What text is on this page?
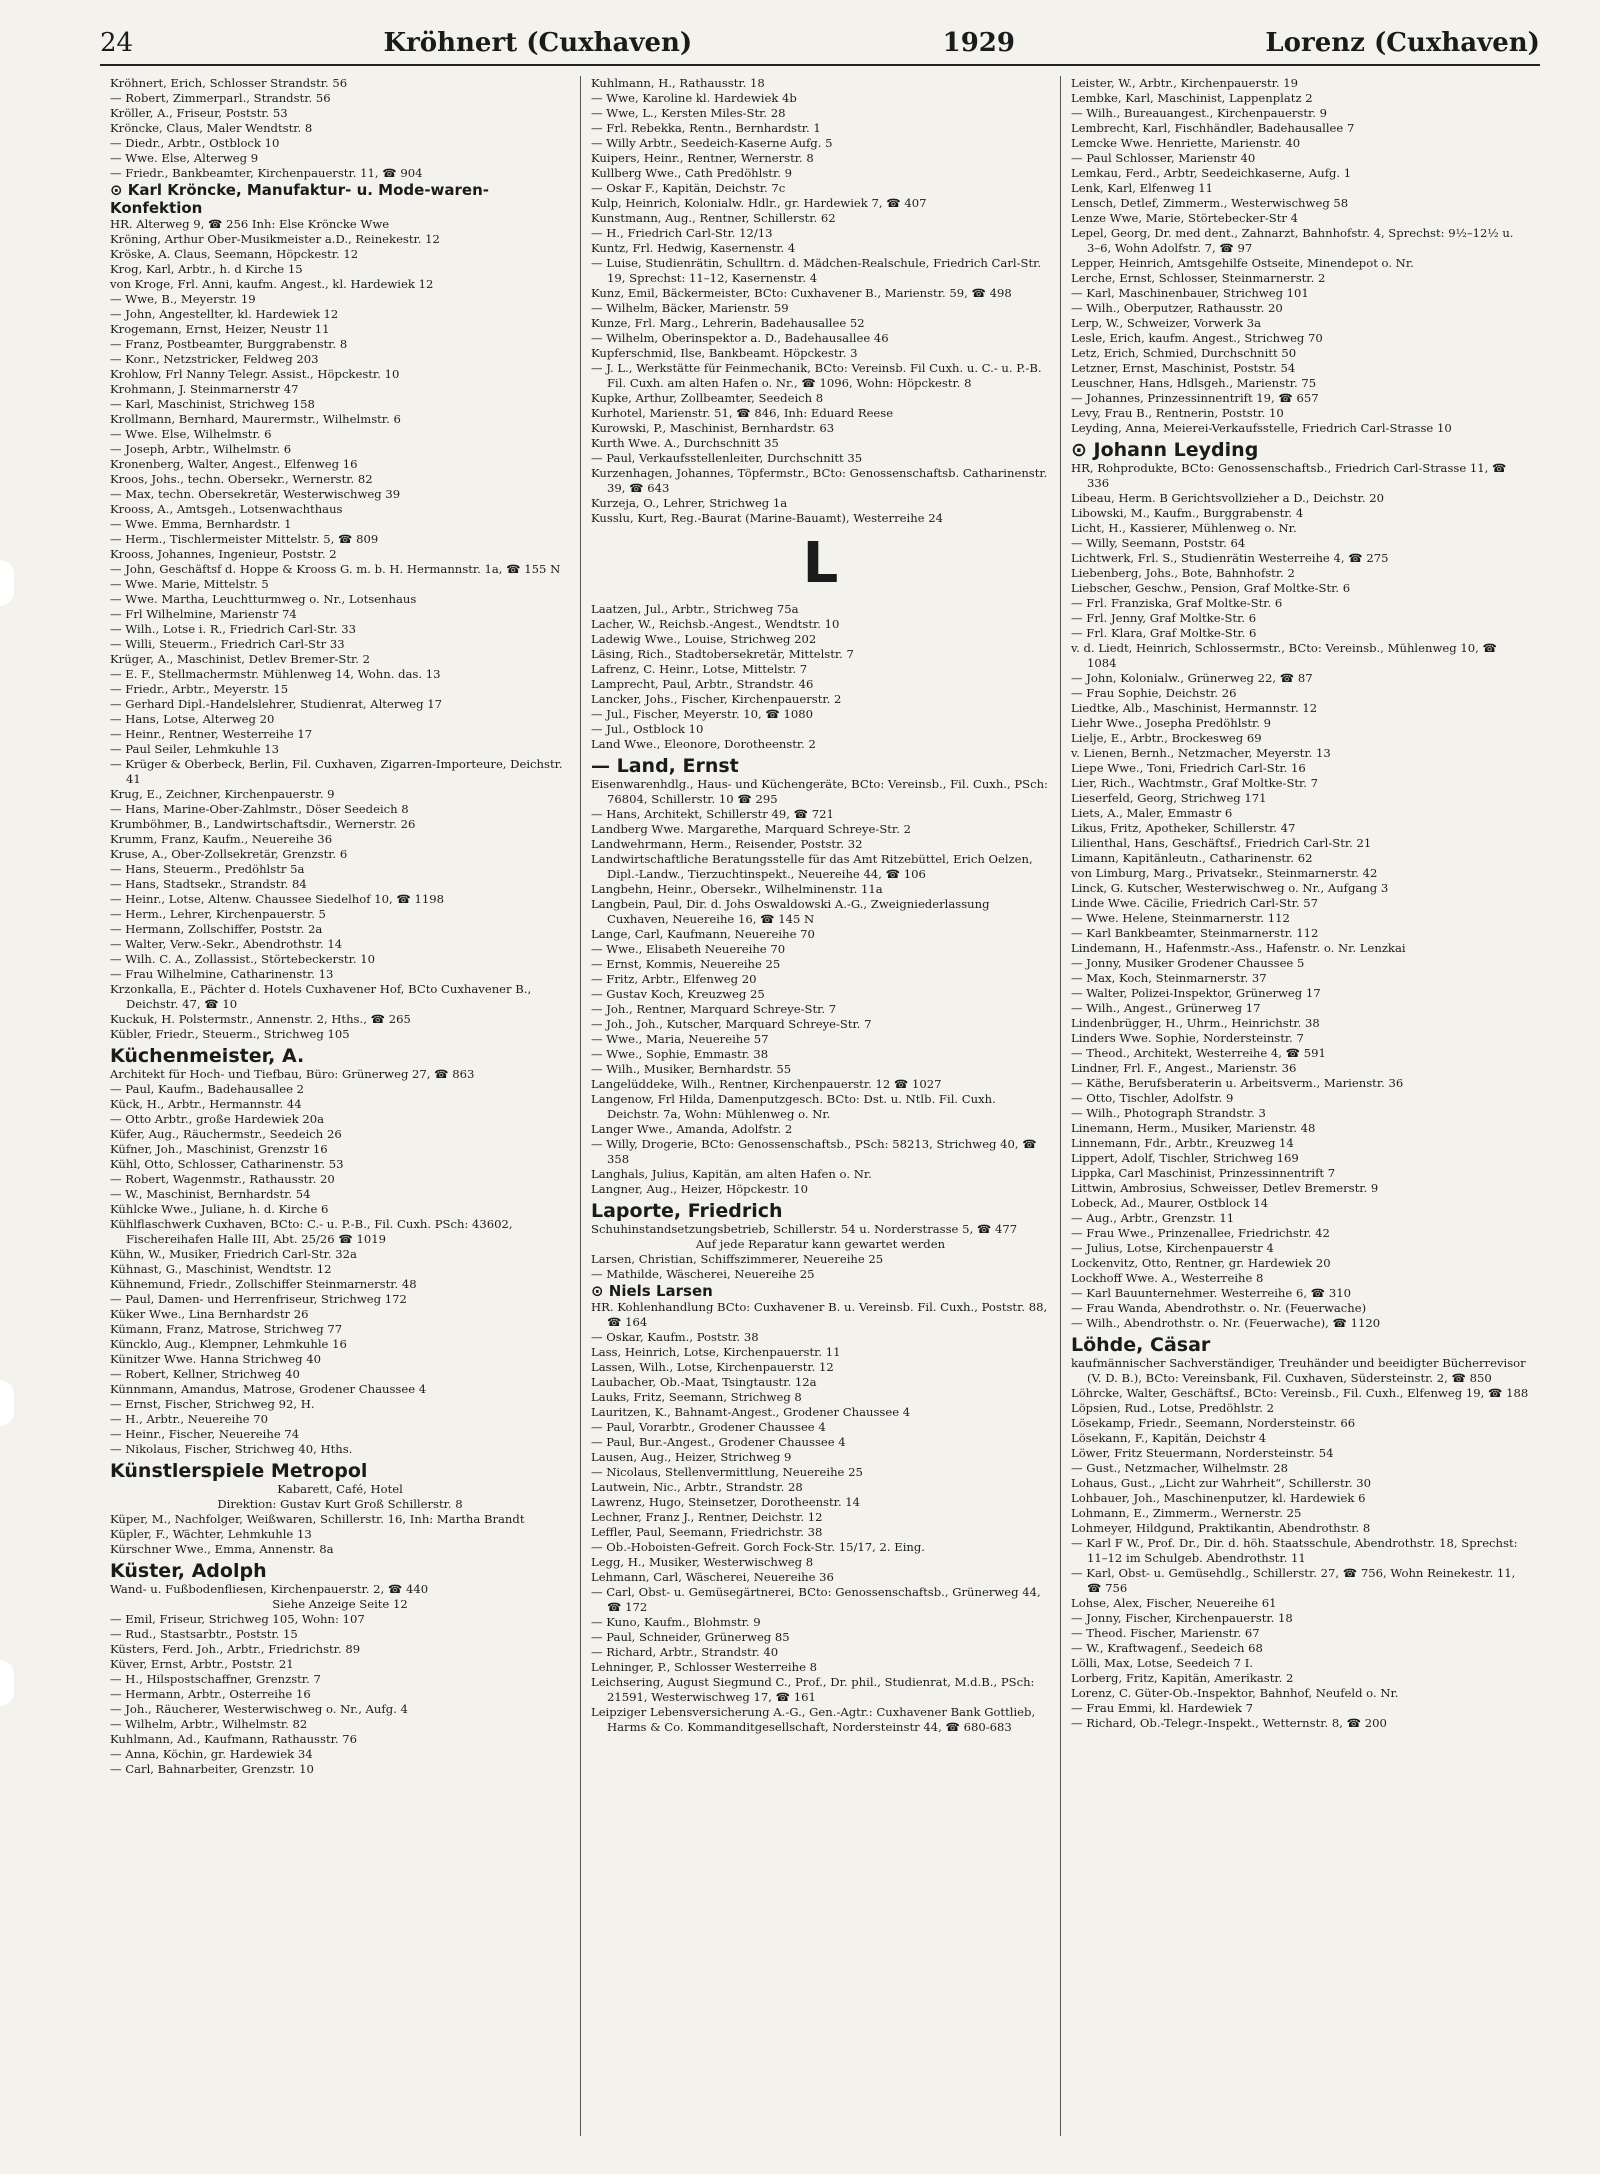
24	Kröhnert (Cuxhaven)	1929	Lorenz (Cuxhaven)
Kröhnert, Erich, Schlosser Strandstr. 56
— Robert, Zimmerparl., Strandstr. 56
Kröller, A., Friseur, Poststr. 53
Kröncke, Claus, Maler Wendtstr. 8
— Diedr., Arbtr., Ostblock 10
— Wwe. Else, Alterweg 9
— Friedr., Bankbeamter, Kirchenpauerstr. 11, ☎ 904
⊙ Karl Kröncke, Manufaktur- u. Mode-waren-Konfektion
HR. Alterweg 9, ☎ 256 Inh: Else Kröncke Wwe
Kröning, Arthur Ober-Musikmeister a.D., Reinekestr. 12
Kröske, A. Claus, Seemann, Höpckestr. 12
Krog, Karl, Arbtr., h. d Kirche 15
von Kroge, Frl. Anni, kaufm. Angest., kl. Hardewiek 12
— Wwe, B., Meyerstr. 19
— John, Angestellter, kl. Hardewiek 12
Krogemann, Ernst, Heizer, Neustr 11
— Franz, Postbeamter, Burggrabenstr. 8
— Konr., Netzstricker, Feldweg 203
Krohlow, Frl Nanny Telegr. Assist., Höpckestr. 10
Krohmann, J. Steinmarnerstr 47
— Karl, Maschinist, Strichweg 158
Krollmann, Bernhard, Maurermstr., Wilhelmstr. 6
— Wwe. Else, Wilhelmstr. 6
— Joseph, Arbtr., Wilhelmstr. 6
Kronenberg, Walter, Angest., Elfenweg 16
Kroos, Johs., techn. Obersekr., Wernerstr. 82
— Max, techn. Obersekretär, Westerwischweg 39
Krooss, A., Amtsgeh., Lotsenwachthaus
— Wwe. Emma, Bernhardstr. 1
— Herm., Tischlermeister Mittelstr. 5, ☎ 809
Krooss, Johannes, Ingenieur, Poststr. 2
— John, Geschäftsf d. Hoppe & Krooss G. m. b. H. Hermannstr. 1a, ☎ 155 N
— Wwe. Marie, Mittelstr. 5
— Wwe. Martha, Leuchtturmweg o. Nr., Lotsenhaus
— Frl Wilhelmine, Marienstr 74
— Wilh., Lotse i. R., Friedrich Carl-Str. 33
— Willi, Steuerm., Friedrich Carl-Str 33
Krüger, A., Maschinist, Detlev Bremer-Str. 2
— E. F., Stellmachermstr. Mühlenweg 14, Wohn. das. 13
— Friedr., Arbtr., Meyerstr. 15
— Gerhard Dipl.-Handelslehrer, Studienrat, Alterweg 17
— Hans, Lotse, Alterweg 20
— Heinr., Rentner, Westerreihe 17
— Paul Seiler, Lehmkuhle 13
— Krüger & Oberbeck, Berlin, Fil. Cuxhaven, Zigarren-Importeure, Deichstr. 41
Krug, E., Zeichner, Kirchenpauerstr. 9
— Hans, Marine-Ober-Zahlmstr., Döser Seedeich 8
Krumböhmer, B., Landwirtschaftsdir., Wernerstr. 26
Krumm, Franz, Kaufm., Neuereihe 36
Kruse, A., Ober-Zollsekretär, Grenzstr. 6
— Hans, Steuerm., Predöhlstr 5a
— Hans, Stadtsekr., Strandstr. 84
— Heinr., Lotse, Altenw. Chaussee Siedelhof 10, ☎ 1198
— Herm., Lehrer, Kirchenpauerstr. 5
— Hermann, Zollschiffer, Poststr. 2a
— Walter, Verw.-Sekr., Abendrothstr. 14
— Wilh. C. A., Zollassist., Störtebeckerstr. 10
— Frau Wilhelmine, Catharinenstr. 13
Krzonkalla, E., Pächter d. Hotels Cuxhavener Hof, BCto Cuxhavener B., Deichstr. 47, ☎ 10
Kuckuk, H. Polstermstr., Annenstr. 2, Hths., ☎ 265
Kübler, Friedr., Steuerm., Strichweg 105
Küchenmeister, A.
Architekt für Hoch- und Tiefbau, Büro: Grünerweg 27, ☎ 863
— Paul, Kaufm., Badehausallee 2
Kück, H., Arbtr., Hermannstr. 44
— Otto Arbtr., große Hardewiek 20a
Küfer, Aug., Räuchermstr., Seedeich 26
Küfner, Joh., Maschinist, Grenzstr 16
Kühl, Otto, Schlosser, Catharinenstr. 53
— Robert, Wagenmstr., Rathausstr. 20
— W., Maschinist, Bernhardstr. 54
Kühlcke Wwe., Juliane, h. d. Kirche 6
Kühlflaschwerk Cuxhaven, BCto: C.- u. P.-B., Fil. Cuxh. PSch: 43602, Fischereihafen Halle III, Abt. 25/26 ☎ 1019
Kühn, W., Musiker, Friedrich Carl-Str. 32a
Kühnast, G., Maschinist, Wendtstr. 12
Kühnemund, Friedr., Zollschiffer Steinmarnerstr. 48
— Paul, Damen- und Herrenfriseur, Strichweg 172
Küker Wwe., Lina Bernhardstr 26
Kümann, Franz, Matrose, Strichweg 77
Küncklo, Aug., Klempner, Lehmkuhle 16
Künitzer Wwe. Hanna Strichweg 40
— Robert, Kellner, Strichweg 40
Künnmann, Amandus, Matrose, Grodener Chaussee 4
— Ernst, Fischer, Strichweg 92, H.
— H., Arbtr., Neuereihe 70
— Heinr., Fischer, Neuereihe 74
— Nikolaus, Fischer, Strichweg 40, Hths.
Künstlerspiele Metropol
Kabarett, Café, Hotel
Direktion: Gustav Kurt Groß Schillerstr. 8
Küper, M., Nachfolger, Weißwaren, Schillerstr. 16, Inh: Martha Brandt
Küpler, F., Wächter, Lehmkuhle 13
Kürschner Wwe., Emma, Annenstr. 8a
Küster, Adolph
Wand- u. Fußbodenfliesen, Kirchenpauerstr. 2, ☎ 440
Siehe Anzeige Seite 12
— Emil, Friseur, Strichweg 105, Wohn: 107
— Rud., Stastsarbtr., Poststr. 15
Küsters, Ferd. Joh., Arbtr., Friedrichstr. 89
Küver, Ernst, Arbtr., Poststr. 21
— H., Hilspostschaffner, Grenzstr. 7
— Hermann, Arbtr., Osterreihe 16
— Joh., Räucherer, Westerwischweg o. Nr., Aufg. 4
— Wilhelm, Arbtr., Wilhelmstr. 82
Kuhlmann, Ad., Kaufmann, Rathausstr. 76
— Anna, Köchin, gr. Hardewiek 34
— Carl, Bahnarbeiter, Grenzstr. 10
Kuhlmann, H., Rathausstr. 18
— Wwe, Karoline kl. Hardewiek 4b
— Wwe, L., Kersten Miles-Str. 28
— Frl. Rebekka, Rentn., Bernhardstr. 1
— Willy Arbtr., Seedeich-Kaserne Aufg. 5
Kuipers, Heinr., Rentner, Wernerstr. 8
Kullberg Wwe., Cath Predöhlstr. 9
— Oskar F., Kapitän, Deichstr. 7c
Kulp, Heinrich, Kolonialw. Hdlr., gr. Hardewiek 7, ☎ 407
Kunstmann, Aug., Rentner, Schillerstr. 62
— H., Friedrich Carl-Str. 12/13
Kuntz, Frl. Hedwig, Kasernenstr. 4
— Luise, Studienrätin, Schulltrn. d. Mädchen-Realschule, Friedrich Carl-Str. 19, Sprechst: 11–12, Kasernenstr. 4
Kunz, Emil, Bäckermeister, BCto: Cuxhavener B., Marienstr. 59, ☎ 498
— Wilhelm, Bäcker, Marienstr. 59
Kunze, Frl. Marg., Lehrerin, Badehausallee 52
— Wilhelm, Oberinspektor a. D., Badehausallee 46
Kupferschmid, Ilse, Bankbeamt. Höpckestr. 3
— J. L., Werkstätte für Feinmechanik, BCto: Vereinsb. Fil Cuxh. u. C.- u. P.-B. Fil. Cuxh. am alten Hafen o. Nr., ☎ 1096, Wohn: Höpckestr. 8
Kupke, Arthur, Zollbeamter, Seedeich 8
Kurhotel, Marienstr. 51, ☎ 846, Inh: Eduard Reese
Kurowski, P., Maschinist, Bernhardstr. 63
Kurth Wwe. A., Durchschnitt 35
— Paul, Verkaufsstellenleiter, Durchschnitt 35
Kurzenhagen, Johannes, Töpfermstr., BCto: Genossenschaftsb. Catharinenstr. 39, ☎ 643
Kurzeja, O., Lehrer, Strichweg 1a
Kusslu, Kurt, Reg.-Baurat (Marine-Bauamt), Westerreihe 24
L
Laatzen, Jul., Arbtr., Strichweg 75a
Lacher, W., Reichsb.-Angest., Wendtstr. 10
Ladewig Wwe., Louise, Strichweg 202
Läsing, Rich., Stadtobersekretär, Mittelstr. 7
Lafrenz, C. Heinr., Lotse, Mittelstr. 7
Lamprecht, Paul, Arbtr., Strandstr. 46
Lancker, Johs., Fischer, Kirchenpauerstr. 2
— Jul., Fischer, Meyerstr. 10, ☎ 1080
— Jul., Ostblock 10
Land Wwe., Eleonore, Dorotheenstr. 2
— Land, Ernst
Eisenwarenhdlg., Haus- und Küchengeräte, BCto: Vereinsb., Fil. Cuxh., PSch: 76804, Schillerstr. 10 ☎ 295
— Hans, Architekt, Schillerstr 49, ☎ 721
Landberg Wwe. Margarethe, Marquard Schreye-Str. 2
Landwehrmann, Herm., Reisender, Poststr. 32
Landwirtschaftliche Beratungsstelle für das Amt Ritzebüttel, Erich Oelzen, Dipl.-Landw., Tierzuchtinspekt., Neuereihe 44, ☎ 106
Langbehn, Heinr., Obersekr., Wilhelminenstr. 11a
Langbein, Paul, Dir. d. Johs Oswaldowski A.-G., Zweigniederlassung Cuxhaven, Neuereihe 16, ☎ 145 N
Lange, Carl, Kaufmann, Neuereihe 70
— Wwe., Elisabeth Neuereihe 70
— Ernst, Kommis, Neuereihe 25
— Fritz, Arbtr., Elfenweg 20
— Gustav Koch, Kreuzweg 25
— Joh., Rentner, Marquard Schreye-Str. 7
— Joh., Joh., Kutscher, Marquard Schreye-Str. 7
— Wwe., Maria, Neuereihe 57
— Wwe., Sophie, Emmastr. 38
— Wilh., Musiker, Bernhardstr. 55
Langelüddeke, Wilh., Rentner, Kirchenpauerstr. 12 ☎ 1027
Langenow, Frl Hilda, Damenputzgesch. BCto: Dst. u. Ntlb. Fil. Cuxh. Deichstr. 7a, Wohn: Mühlenweg o. Nr.
Langer Wwe., Amanda, Adolfstr. 2
— Willy, Drogerie, BCto: Genossenschaftsb., PSch: 58213, Strichweg 40, ☎ 358
Langhals, Julius, Kapitän, am alten Hafen o. Nr.
Langner, Aug., Heizer, Höpckestr. 10
Laporte, Friedrich
Schuhinstandsetzungsbetrieb, Schillerstr. 54 u. Norderstrasse 5, ☎ 477
Auf jede Reparatur kann gewartet werden
Larsen, Christian, Schiffszimmerer, Neuereihe 25
— Mathilde, Wäscherei, Neuereihe 25
⊙ Niels Larsen
HR. Kohlenhandlung BCto: Cuxhavener B. u. Vereinsb. Fil. Cuxh., Poststr. 88, ☎ 164
— Oskar, Kaufm., Poststr. 38
Lass, Heinrich, Lotse, Kirchenpauerstr. 11
Lassen, Wilh., Lotse, Kirchenpauerstr. 12
Laubacher, Ob.-Maat, Tsingtaustr. 12a
Lauks, Fritz, Seemann, Strichweg 8
Lauritzen, K., Bahnamt-Angest., Grodener Chaussee 4
— Paul, Vorarbtr., Grodener Chaussee 4
— Paul, Bur.-Angest., Grodener Chaussee 4
Lausen, Aug., Heizer, Strichweg 9
— Nicolaus, Stellenvermittlung, Neuereihe 25
Lautwein, Nic., Arbtr., Strandstr. 28
Lawrenz, Hugo, Steinsetzer, Dorotheenstr. 14
Lechner, Franz J., Rentner, Deichstr. 12
Leffler, Paul, Seemann, Friedrichstr. 38
— Ob.-Hoboisten-Gefreit. Gorch Fock-Str. 15/17, 2. Eing.
Legg, H., Musiker, Westerwischweg 8
Lehmann, Carl, Wäscherei, Neuereihe 36
— Carl, Obst- u. Gemüsegärtnerei, BCto: Genossenschaftsb., Grünerweg 44, ☎ 172
— Kuno, Kaufm., Blohmstr. 9
— Paul, Schneider, Grünerweg 85
— Richard, Arbtr., Strandstr. 40
Lehninger, P., Schlosser Westerreihe 8
Leichsering, August Siegmund C., Prof., Dr. phil., Studienrat, M.d.B., PSch: 21591, Westerwischweg 17, ☎ 161
Leipziger Lebensversicherung A.-G., Gen.-Agtr.: Cuxhavener Bank Gottlieb, Harms & Co. Kommanditgesellschaft, Nordersteinstr 44, ☎ 680-683
Leister, W., Arbtr., Kirchenpauerstr. 19
Lembke, Karl, Maschinist, Lappenplatz 2
— Wilh., Bureauangest., Kirchenpauerstr. 9
Lembrecht, Karl, Fischhändler, Badehausallee 7
Lemcke Wwe. Henriette, Marienstr. 40
— Paul Schlosser, Marienstr 40
Lemkau, Ferd., Arbtr, Seedeichkaserne, Aufg. 1
Lenk, Karl, Elfenweg 11
Lensch, Detlef, Zimmerm., Westerwischweg 58
Lenze Wwe, Marie, Störtebecker-Str 4
Lepel, Georg, Dr. med dent., Zahnarzt, Bahnhofstr. 4, Sprechst: 9½–12½ u. 3–6, Wohn Adolfstr. 7, ☎ 97
Lepper, Heinrich, Amtsgehilfe Ostseite, Minendepot o. Nr.
Lerche, Ernst, Schlosser, Steinmarnerstr. 2
— Karl, Maschinenbauer, Strichweg 101
— Wilh., Oberputzer, Rathausstr. 20
Lerp, W., Schweizer, Vorwerk 3a
Lesle, Erich, kaufm. Angest., Strichweg 70
Letz, Erich, Schmied, Durchschnitt 50
Letzner, Ernst, Maschinist, Poststr. 54
Leuschner, Hans, Hdlsgeh., Marienstr. 75
— Johannes, Prinzessinnentrift 19, ☎ 657
Levy, Frau B., Rentnerin, Poststr. 10
Leyding, Anna, Meierei-Verkaufsstelle, Friedrich Carl-Strasse 10
⊙ Johann Leyding
HR, Rohprodukte, BCto: Genossenschaftsb., Friedrich Carl-Strasse 11, ☎ 336
Libeau, Herm. B Gerichtsvollzieher a D., Deichstr. 20
Libowski, M., Kaufm., Burggrabenstr. 4
Licht, H., Kassierer, Mühlenweg o. Nr.
— Willy, Seemann, Poststr. 64
Lichtwerk, Frl. S., Studienrätin Westerreihe 4, ☎ 275
Liebenberg, Johs., Bote, Bahnhofstr. 2
Liebscher, Geschw., Pension, Graf Moltke-Str. 6
— Frl. Franziska, Graf Moltke-Str. 6
— Frl. Jenny, Graf Moltke-Str. 6
— Frl. Klara, Graf Moltke-Str. 6
v. d. Liedt, Heinrich, Schlossermstr., BCto: Vereinsb., Mühlenweg 10, ☎ 1084
— John, Kolonialw., Grünerweg 22, ☎ 87
— Frau Sophie, Deichstr. 26
Liedtke, Alb., Maschinist, Hermannstr. 12
Liehr Wwe., Josepha Predöhlstr. 9
Lielje, E., Arbtr., Brockesweg 69
v. Lienen, Bernh., Netzmacher, Meyerstr. 13
Liepe Wwe., Toni, Friedrich Carl-Str. 16
Lier, Rich., Wachtmstr., Graf Moltke-Str. 7
Lieserfeld, Georg, Strichweg 171
Liets, A., Maler, Emmastr 6
Likus, Fritz, Apotheker, Schillerstr. 47
Lilienthal, Hans, Geschäftsf., Friedrich Carl-Str. 21
Limann, Kapitänleutn., Catharinenstr. 62
von Limburg, Marg., Privatsekr., Steinmarnerstr. 42
Linck, G. Kutscher, Westerwischweg o. Nr., Aufgang 3
Linde Wwe. Cäcilie, Friedrich Carl-Str. 57
— Wwe. Helene, Steinmarnerstr. 112
— Karl Bankbeamter, Steinmarnerstr. 112
Lindemann, H., Hafenmstr.-Ass., Hafenstr. o. Nr. Lenzkai
— Jonny, Musiker Grodener Chaussee 5
— Max, Koch, Steinmarnerstr. 37
— Walter, Polizei-Inspektor, Grünerweg 17
— Wilh., Angest., Grünerweg 17
Lindenbrügger, H., Uhrm., Heinrichstr. 38
Linders Wwe. Sophie, Nordersteinstr. 7
— Theod., Architekt, Westerreihe 4, ☎ 591
Lindner, Frl. F., Angest., Marienstr. 36
— Käthe, Berufsberaterin u. Arbeitsverm., Marienstr. 36
— Otto, Tischler, Adolfstr. 9
— Wilh., Photograph Strandstr. 3
Linemann, Herm., Musiker, Marienstr. 48
Linnemann, Fdr., Arbtr., Kreuzweg 14
Lippert, Adolf, Tischler, Strichweg 169
Lippka, Carl Maschinist, Prinzessinnentrift 7
Littwin, Ambrosius, Schweisser, Detlev Bremerstr. 9
Lobeck, Ad., Maurer, Ostblock 14
— Aug., Arbtr., Grenzstr. 11
— Frau Wwe., Prinzenallee, Friedrichstr. 42
— Julius, Lotse, Kirchenpauerstr 4
Lockenvitz, Otto, Rentner, gr. Hardewiek 20
Lockhoff Wwe. A., Westerreihe 8
— Karl Bauunternehmer. Westerreihe 6, ☎ 310
— Frau Wanda, Abendrothstr. o. Nr. (Feuerwache)
— Wilh., Abendrothstr. o. Nr. (Feuerwache), ☎ 1120
Löhde, Cäsar
kaufmännischer Sachverständiger, Treuhänder und beeidigter Bücherrevisor (V. D. B.), BCto: Vereinsbank, Fil. Cuxhaven, Südersteinstr. 2, ☎ 850
Löhrcke, Walter, Geschäftsf., BCto: Vereinsb., Fil. Cuxh., Elfenweg 19, ☎ 188
Löpsien, Rud., Lotse, Predöhlstr. 2
Lösekamp, Friedr., Seemann, Nordersteinstr. 66
Lösekann, F., Kapitän, Deichstr 4
Löwer, Fritz Steuermann, Nordersteinstr. 54
— Gust., Netzmacher, Wilhelmstr. 28
Lohaus, Gust., „Licht zur Wahrheit“, Schillerstr. 30
Lohbauer, Joh., Maschinenputzer, kl. Hardewiek 6
Lohmann, E., Zimmerm., Wernerstr. 25
Lohmeyer, Hildgund, Praktikantin, Abendrothstr. 8
— Karl F W., Prof. Dr., Dir. d. höh. Staatsschule, Abendrothstr. 18, Sprechst: 11–12 im Schulgeb. Abendrothstr. 11
— Karl, Obst- u. Gemüsehdlg., Schillerstr. 27, ☎ 756, Wohn Reinekestr. 11, ☎ 756
Lohse, Alex, Fischer, Neuereihe 61
— Jonny, Fischer, Kirchenpauerstr. 18
— Theod. Fischer, Marienstr. 67
— W., Kraftwagenf., Seedeich 68
Lölli, Max, Lotse, Seedeich 7 I.
Lorberg, Fritz, Kapitän, Amerikastr. 2
Lorenz, C. Güter-Ob.-Inspektor, Bahnhof, Neufeld o. Nr.
— Frau Emmi, kl. Hardewiek 7
— Richard, Ob.-Telegr.-Inspekt., Wetternstr. 8, ☎ 200
